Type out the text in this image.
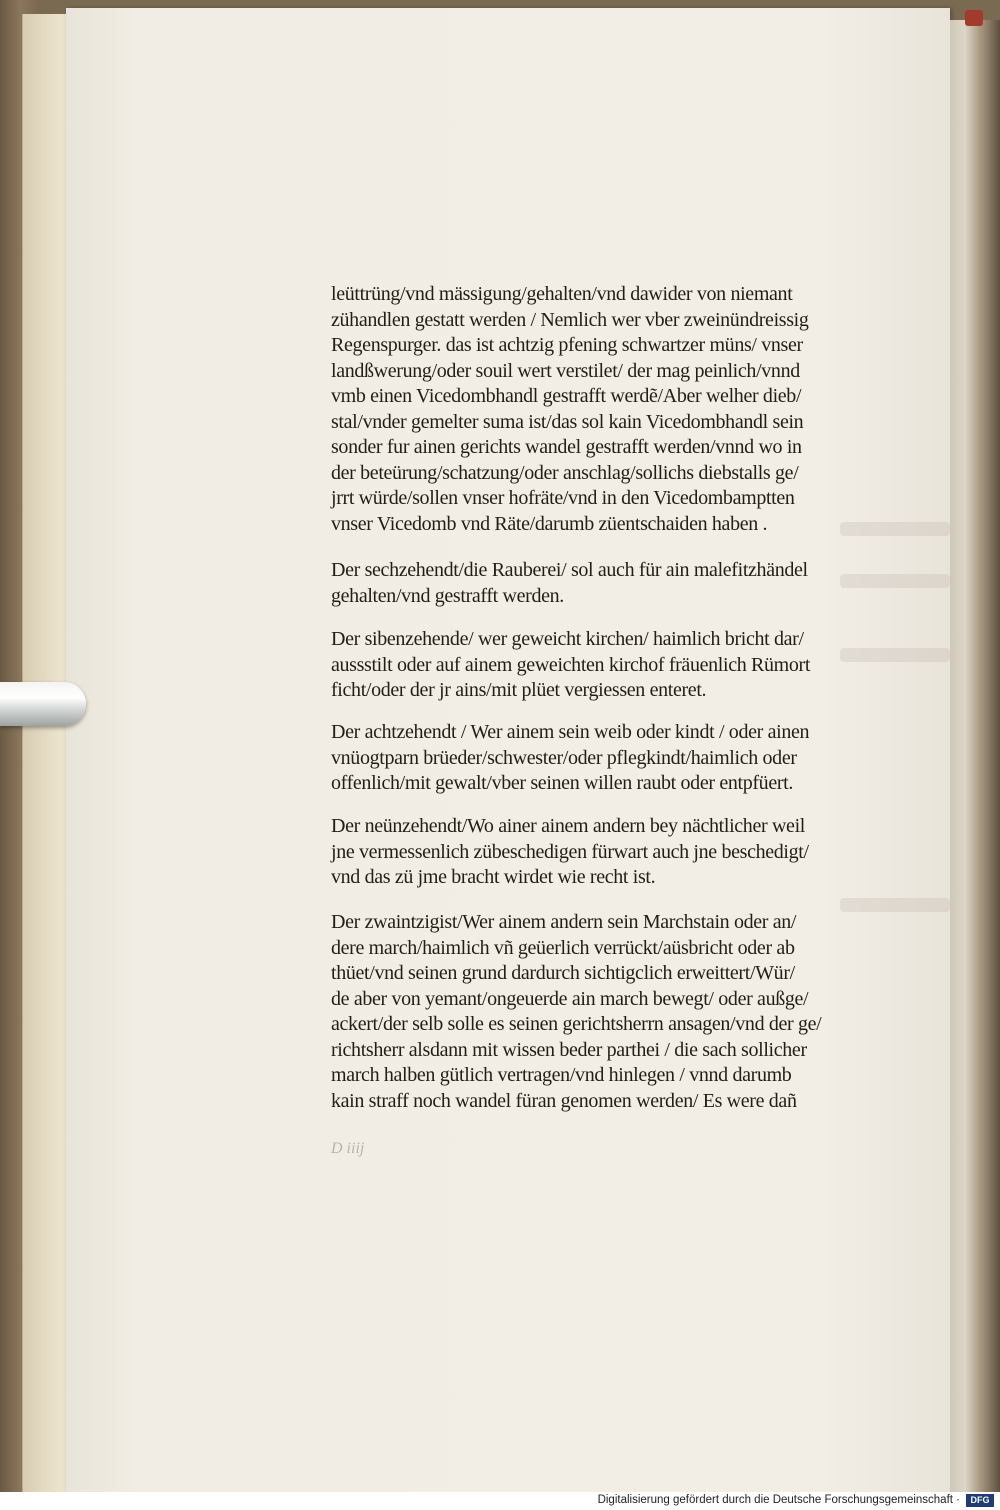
leüttrüng/vnd mässigung/gehalten/vnd dawider von niemant
zühandlen gestatt werden / Nemlich wer vber zweinündreissig
Regenspurger. das ist achtzig pfening schwartzer müns/ vnser
landßwerung/oder souil wert verstilet/ der mag peinlich/vnnd
vmb einen Vicedombhandl gestrafft werdẽ/Aber welher dieb/
stal/vnder gemelter suma ist/das sol kain Vicedombhandl sein
sonder fur ainen gerichts wandel gestrafft werden/vnnd wo in
der beteürung/schatzung/oder anschlag/sollichs diebstalls ge/
jrrt würde/sollen vnser hofräte/vnd in den Vicedombamptten
vnser Vicedomb vnd Räte/darumb züentschaiden haben .
Der sechzehendt/die Rauberei/ sol auch für ain malefitzhändel
gehalten/vnd gestrafft werden.
Der sibenzehende/ wer geweicht kirchen/ haimlich bricht dar/
aussstilt oder auf ainem geweichten kirchof fräuenlich Rümort
ficht/oder der jr ains/mit plüet vergiessen enteret.
Der achtzehendt / Wer ainem sein weib oder kindt / oder ainen
vnüogtparn brüeder/schwester/oder pflegkindt/haimlich oder
offenlich/mit gewalt/vber seinen willen raubt oder entpfüert.
Der neünzehendt/Wo ainer ainem andern bey nächtlicher weil
jne vermessenlich zübeschedigen fürwart auch jne beschedigt/
vnd das zü jme bracht wirdet wie recht ist.
Der zwaintzigist/Wer ainem andern sein Marchstain oder an/
dere march/haimlich vñ geüerlich verrückt/aüsbricht oder ab
thüet/vnd seinen grund dardurch sichtigclich erweittert/Wür/
de aber von yemant/ongeuerde ain march bewegt/ oder außge/
ackert/der selb solle es seinen gerichtsherrn ansagen/vnd der ge/
richtsherr alsdann mit wissen beder parthei / die sach sollicher
march halben gütlich vertragen/vnd hinlegen / vnnd darumb
kain straff noch wandel füran genomen werden/ Es were dañ
D iiij
Digitalisierung gefördert durch die Deutsche Forschungsgemeinschaft ·	DFG
